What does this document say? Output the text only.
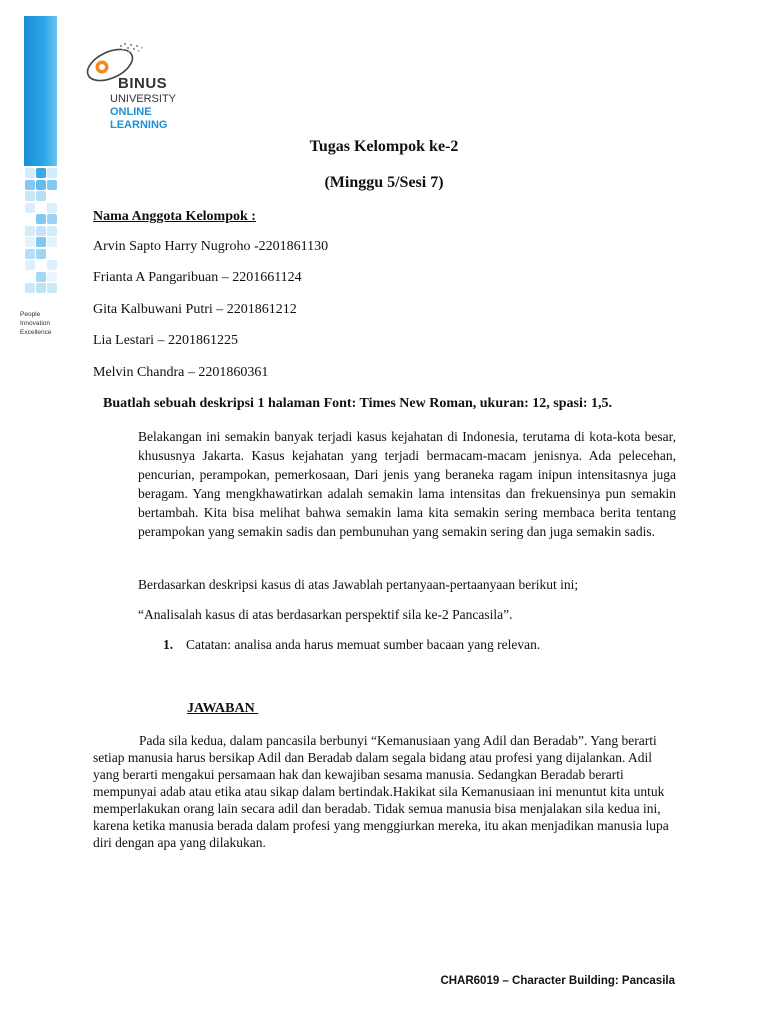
People
Innovation
Excellence
BINUS
UNIVERSITY
ONLINE
LEARNING
Tugas Kelompok ke-2
(Minggu 5/Sesi 7)
Nama Anggota Kelompok :
Arvin Sapto Harry Nugroho -2201861130
Frianta A Pangaribuan – 2201661124
Gita Kalbuwani Putri – 2201861212
Lia Lestari – 2201861225
Melvin Chandra – 2201860361
Buatlah sebuah deskripsi 1 halaman Font: Times New Roman, ukuran: 12, spasi: 1,5.
Belakangan ini semakin banyak terjadi kasus kejahatan di Indonesia, terutama di kota-kota besar, khususnya Jakarta. Kasus kejahatan yang terjadi bermacam-macam jenisnya. Ada pelecehan, pencurian, perampokan, pemerkosaan, Dari jenis yang beraneka ragam inipun intensitasnya juga beragam. Yang mengkhawatirkan adalah semakin lama intensitas dan frekuensinya pun semakin bertambah. Kita bisa melihat bahwa semakin lama kita semakin sering membaca berita tentang perampokan yang semakin sadis dan pembunuhan yang semakin sering dan juga semakin sadis.
Berdasarkan deskripsi kasus di atas Jawablah pertanyaan-pertaanyaan berikut ini;
“Analisalah kasus di atas berdasarkan perspektif sila ke-2 Pancasila”.
1. Catatan: analisa anda harus memuat sumber bacaan yang relevan.
JAWABAN
Pada sila kedua, dalam pancasila berbunyi “Kemanusiaan yang Adil dan Beradab”. Yang berarti setiap manusia harus bersikap Adil dan Beradab dalam segala bidang atau profesi yang dijalankan. Adil yang berarti mengakui persamaan hak dan kewajiban sesama manusia. Sedangkan Beradab berarti mempunyai adab atau etika atau sikap dalam bertindak.Hakikat sila Kemanusiaan ini menuntut kita untuk memperlakukan orang lain secara adil dan beradab. Tidak semua manusia bisa menjalakan sila kedua ini, karena ketika manusia berada dalam profesi yang menggiurkan mereka, itu akan menjadikan manusia lupa diri dengan apa yang dilakukan.
CHAR6019 – Character Building: Pancasila
